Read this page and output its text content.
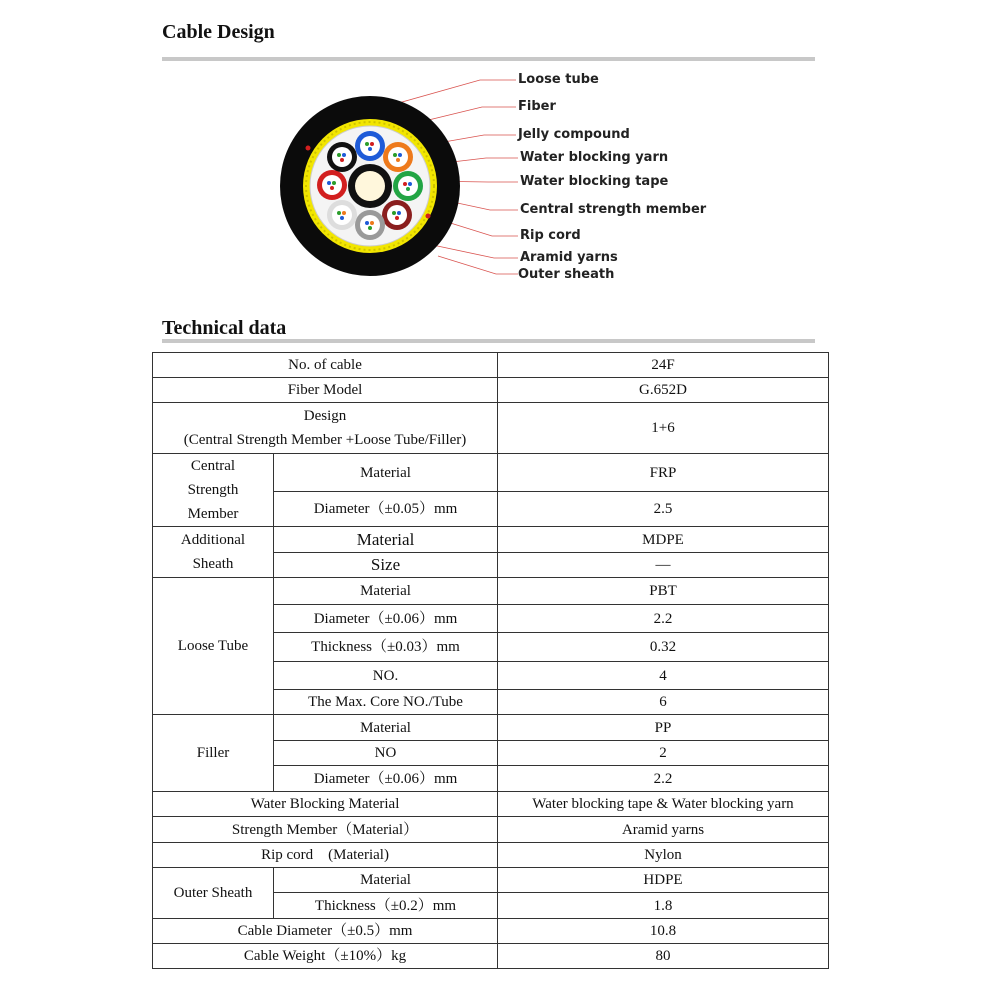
Cable Design
Loose tube
Fiber
Jelly compound
Water blocking yarn
Water blocking tape
Central strength member
Rip cord
Aramid yarns
Outer sheath
Technical data
No. of cable		24F
Fiber Model		G.652D

Design
(Central Strength Member +Loose Tube/Filler)		1+6

Central
Strength
Member	Material	FRP
	Diameter（±0.05）mm	2.5

Additional
Sheath	Material	MDPE
	Size	—
Loose Tube	Material	PBT
	Diameter（±0.06）mm	2.2
	Thickness（±0.03）mm	0.32
	NO.	4
	The Max. Core NO./Tube	6
Filler	Material	PP
	NO	2
	Diameter（±0.06）mm	2.2
Water Blocking Material		Water blocking tape & Water blocking yarn
Strength Member（Material）		Aramid yarns
Rip cord　(Material)		Nylon
Outer Sheath	Material	HDPE
	Thickness（±0.2）mm	1.8
Cable Diameter（±0.5）mm		10.8
Cable Weight（±10%）kg		80
